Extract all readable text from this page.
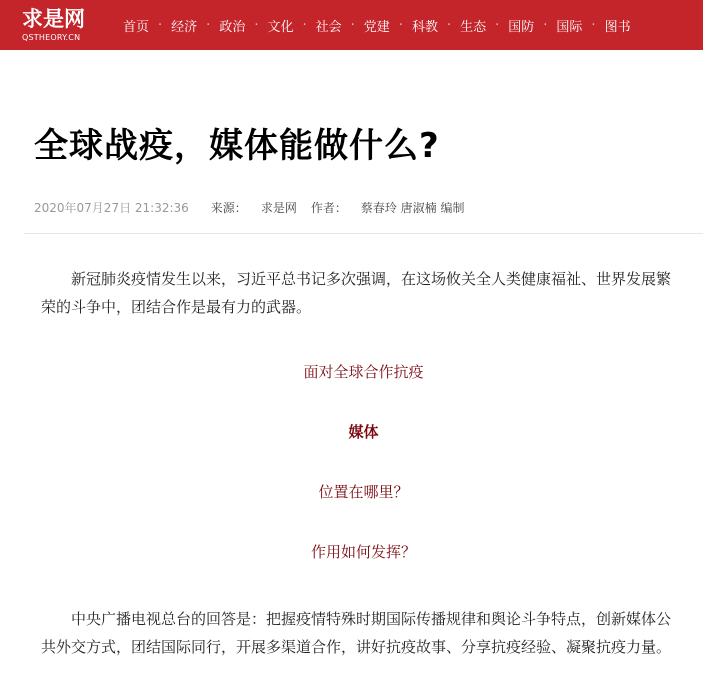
求是网
QSTHEORY.CN
首页 · 经济 · 政治 · 文化 · 社会 · 党建 · 科教 · 生态 · 国防 · 国际 · 图书
全球战疫，媒体能做什么?
2020年07月27日 21:32:36 来源： 求是网 作者： 蔡春玲 唐淑楠 编制

新冠肺炎疫情发生以来，习近平总书记多次强调，在这场攸关全人类健康福祉、世界发展繁荣的斗争中，团结合作是最有力的武器。

面对全球合作抗疫
媒体
位置在哪里？
作用如何发挥？

中央广播电视总台的回答是：把握疫情特殊时期国际传播规律和舆论斗争特点，创新媒体公共外交方式，团结国际同行，开展多渠道合作，讲好抗疫故事、分享抗疫经验、凝聚抗疫力量。
